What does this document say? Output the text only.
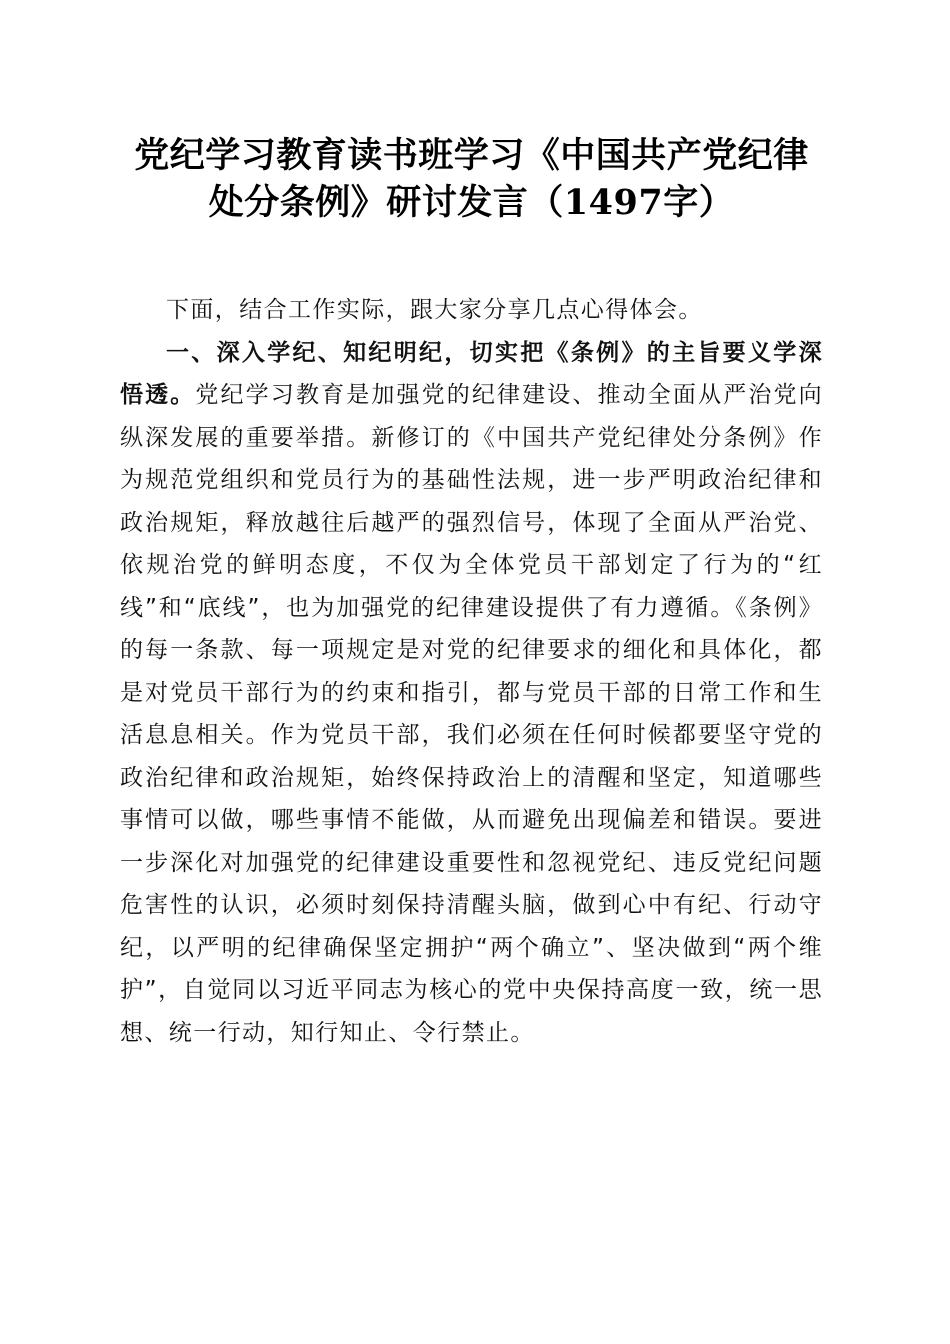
党纪学习教育读书班学习《中国共产党纪律处分条例》研讨发言（1497字）

下面，结合工作实际，跟大家分享几点心得体会。

一、深入学纪、知纪明纪，切实把《条例》的主旨要义学深悟透。党纪学习教育是加强党的纪律建设、推动全面从严治党向纵深发展的重要举措。新修订的《中国共产党纪律处分条例》作为规范党组织和党员行为的基础性法规，进一步严明政治纪律和政治规矩，释放越往后越严的强烈信号，体现了全面从严治党、依规治党的鲜明态度，不仅为全体党员干部划定了行为的“红线”和“底线”，也为加强党的纪律建设提供了有力遵循。《条例》的每一条款、每一项规定是对党的纪律要求的细化和具体化，都是对党员干部行为的约束和指引，都与党员干部的日常工作和生活息息相关。作为党员干部，我们必须在任何时候都要坚守党的政治纪律和政治规矩，始终保持政治上的清醒和坚定，知道哪些事情可以做，哪些事情不能做，从而避免出现偏差和错误。要进一步深化对加强党的纪律建设重要性和忽视党纪、违反党纪问题危害性的认识，必须时刻保持清醒头脑，做到心中有纪、行动守纪，以严明的纪律确保坚定拥护“两个确立”、坚决做到“两个维护”，自觉同以习近平同志为核心的党中央保持高度一致，统一思想、统一行动，知行知止、令行禁止。
